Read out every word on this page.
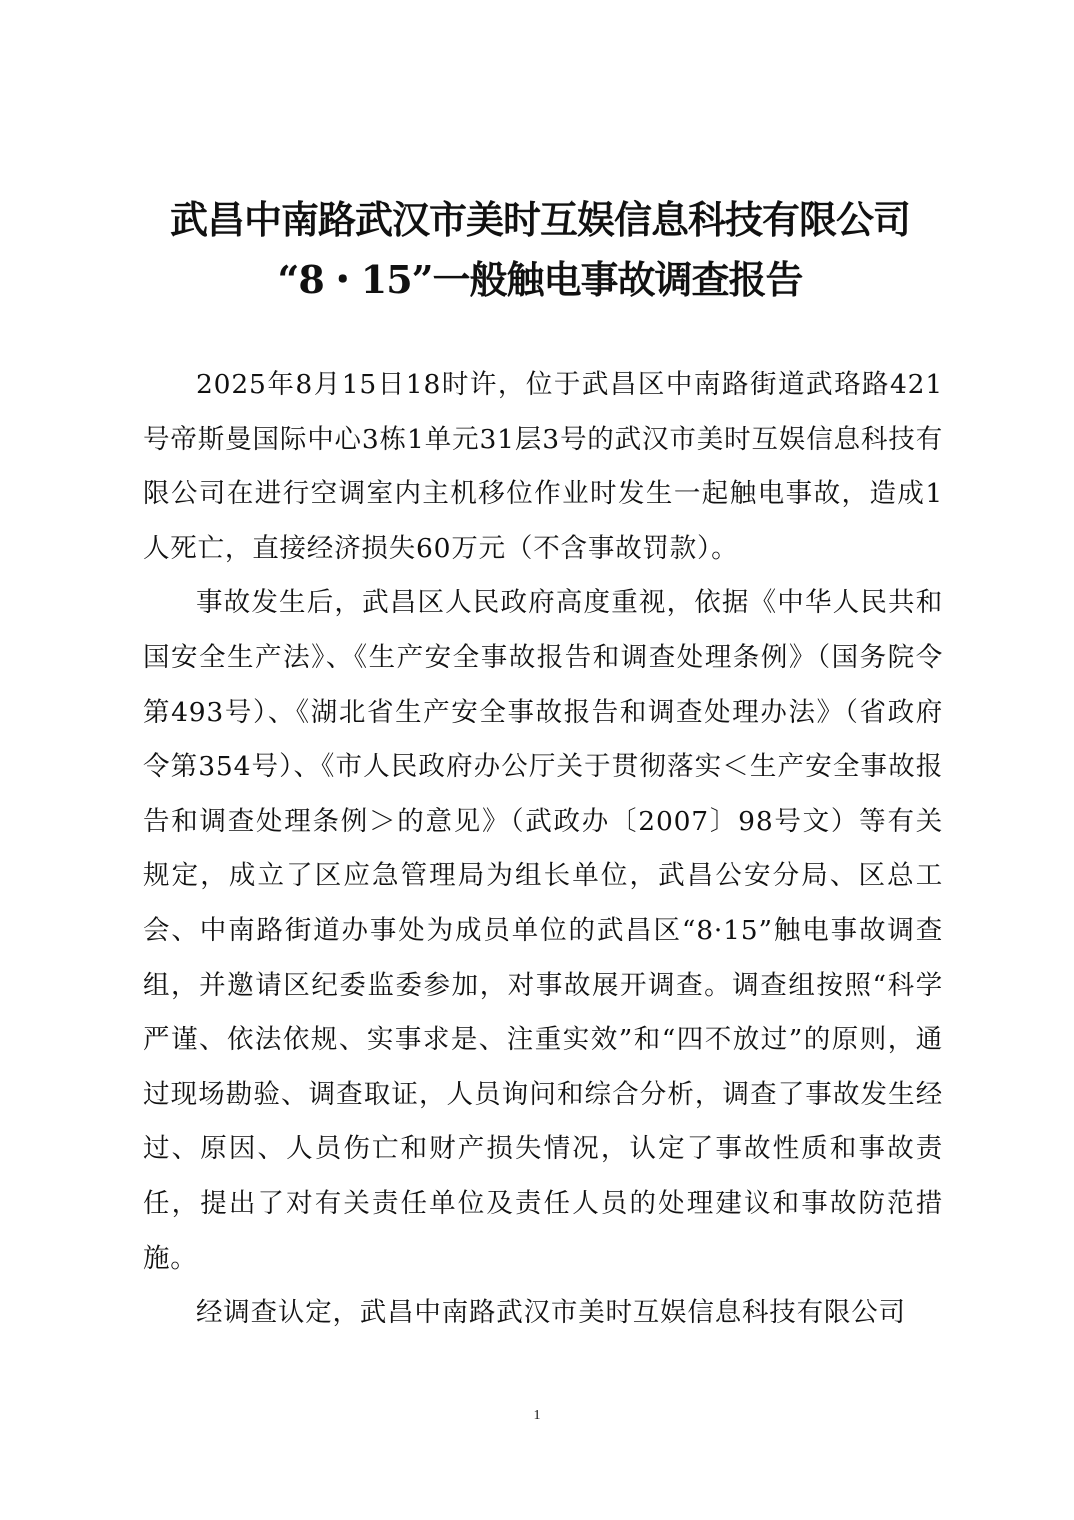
武昌中南路武汉市美时互娱信息科技有限公司
“8・15”一般触电事故调查报告

2025年8月15日18时许，位于武昌区中南路街道武珞路421号帝斯曼国际中心3栋1单元31层3号的武汉市美时互娱信息科技有限公司在进行空调室内主机移位作业时发生一起触电事故，造成1人死亡，直接经济损失60万元（不含事故罚款）。

事故发生后，武昌区人民政府高度重视，依据《中华人民共和国安全生产法》、《生产安全事故报告和调查处理条例》（国务院令第493号）、《湖北省生产安全事故报告和调查处理办法》（省政府令第354号）、《市人民政府办公厅关于贯彻落实＜生产安全事故报告和调查处理条例＞的意见》（武政办〔2007〕98号文）等有关规定，成立了区应急管理局为组长单位，武昌公安分局、区总工会、中南路街道办事处为成员单位的武昌区“8·15”触电事故调查组，并邀请区纪委监委参加，对事故展开调查。调查组按照“科学严谨、依法依规、实事求是、注重实效”和“四不放过”的原则，通过现场勘验、调查取证，人员询问和综合分析，调查了事故发生经过、原因、人员伤亡和财产损失情况，认定了事故性质和事故责任，提出了对有关责任单位及责任人员的处理建议和事故防范措施。

经调查认定，武昌中南路武汉市美时互娱信息科技有限公司

1
